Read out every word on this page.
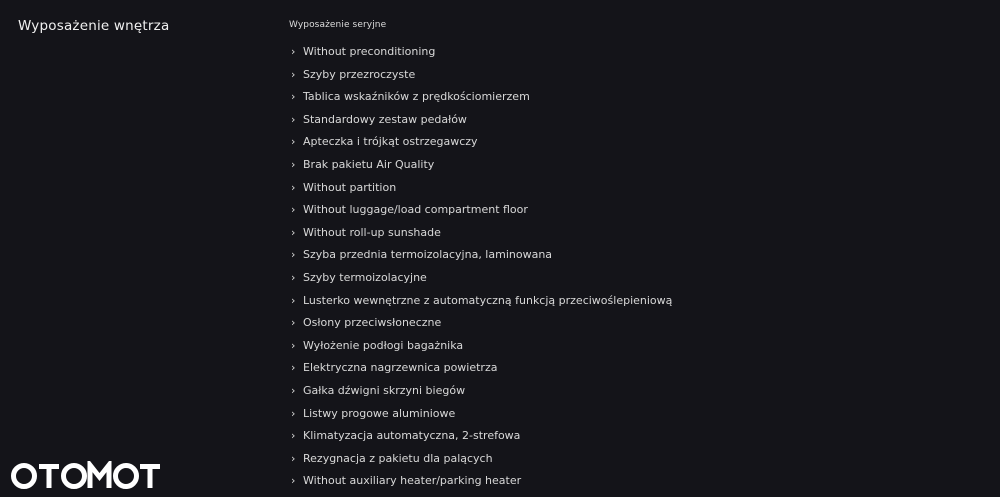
Wyposażenie wnętrza	Wyposażenie seryjne
› Without preconditioning
› Szyby przezroczyste
› Tablica wskaźników z prędkościomierzem
› Standardowy zestaw pedałów
› Apteczka i trójkąt ostrzegawczy
› Brak pakietu Air Quality
› Without partition
› Without luggage/load compartment floor
› Without roll-up sunshade
› Szyba przednia termoizolacyjna, laminowana
› Szyby termoizolacyjne
› Lusterko wewnętrzne z automatyczną funkcją przeciwoślepieniową
› Osłony przeciwsłoneczne
› Wyłożenie podłogi bagażnika
› Elektryczna nagrzewnica powietrza
› Gałka dźwigni skrzyni biegów
› Listwy progowe aluminiowe
› Klimatyzacja automatyczna, 2-strefowa
› Rezygnacja z pakietu dla palących
› Without auxiliary heater/parking heater
